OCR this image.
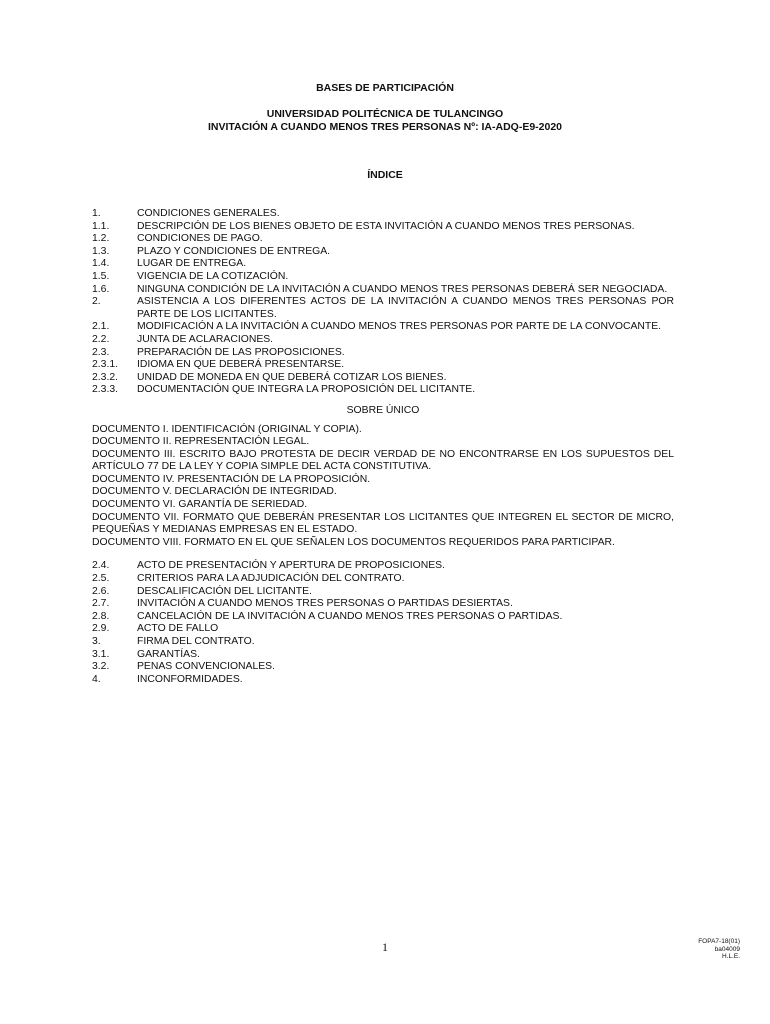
BASES DE PARTICIPACIÓN
UNIVERSIDAD POLITÉCNICA DE TULANCINGO
INVITACIÓN A CUANDO MENOS TRES PERSONAS Nº: IA-ADQ-E9-2020
ÍNDICE
1.	CONDICIONES GENERALES.
1.1.	DESCRIPCIÓN DE LOS BIENES OBJETO DE ESTA INVITACIÓN A CUANDO MENOS TRES PERSONAS.
1.2.	CONDICIONES DE PAGO.
1.3.	PLAZO Y CONDICIONES DE ENTREGA.
1.4.	LUGAR DE ENTREGA.
1.5.	VIGENCIA DE LA COTIZACIÓN.
1.6.	NINGUNA CONDICIÓN DE LA INVITACIÓN A CUANDO MENOS TRES PERSONAS DEBERÁ SER NEGOCIADA.
2.	ASISTENCIA A LOS DIFERENTES ACTOS DE LA INVITACIÓN A CUANDO MENOS TRES PERSONAS POR PARTE DE LOS LICITANTES.
2.1.	MODIFICACIÓN A LA INVITACIÓN A CUANDO MENOS TRES PERSONAS POR PARTE DE LA CONVOCANTE.
2.2.	JUNTA DE ACLARACIONES.
2.3.	PREPARACIÓN DE LAS PROPOSICIONES.
2.3.1.	IDIOMA EN QUE DEBERÁ PRESENTARSE.
2.3.2.	UNIDAD DE MONEDA EN QUE DEBERÁ COTIZAR LOS BIENES.
2.3.3.	DOCUMENTACIÓN QUE INTEGRA LA PROPOSICIÓN DEL LICITANTE.
SOBRE ÚNICO
DOCUMENTO I. IDENTIFICACIÓN (ORIGINAL Y COPIA).
DOCUMENTO II. REPRESENTACIÓN LEGAL.
DOCUMENTO III. ESCRITO BAJO PROTESTA DE DECIR VERDAD DE NO ENCONTRARSE EN LOS SUPUESTOS DEL ARTÍCULO 77 DE LA LEY Y COPIA SIMPLE DEL ACTA CONSTITUTIVA.
DOCUMENTO IV. PRESENTACIÓN DE LA PROPOSICIÓN.
DOCUMENTO V. DECLARACIÓN DE INTEGRIDAD.
DOCUMENTO VI. GARANTÍA DE SERIEDAD.
DOCUMENTO VII. FORMATO QUE DEBERÁN PRESENTAR LOS LICITANTES QUE INTEGREN EL SECTOR DE MICRO, PEQUEÑAS Y MEDIANAS EMPRESAS EN EL ESTADO.
DOCUMENTO VIII. FORMATO EN EL QUE SEÑALEN LOS DOCUMENTOS REQUERIDOS PARA PARTICIPAR.
2.4.	ACTO DE PRESENTACIÓN Y APERTURA DE PROPOSICIONES.
2.5.	CRITERIOS PARA LA ADJUDICACIÓN DEL CONTRATO.
2.6.	DESCALIFICACIÓN DEL LICITANTE.
2.7.	INVITACIÓN A CUANDO MENOS TRES PERSONAS O PARTIDAS DESIERTAS.
2.8.	CANCELACIÓN DE LA INVITACIÓN A CUANDO MENOS TRES PERSONAS O PARTIDAS.
2.9.	ACTO DE FALLO
3.	FIRMA DEL CONTRATO.
3.1.	GARANTÍAS.
3.2.	PENAS CONVENCIONALES.
4.	INCONFORMIDADES.
1	FOPA7-18(01)
ba04009
H.L.E.
